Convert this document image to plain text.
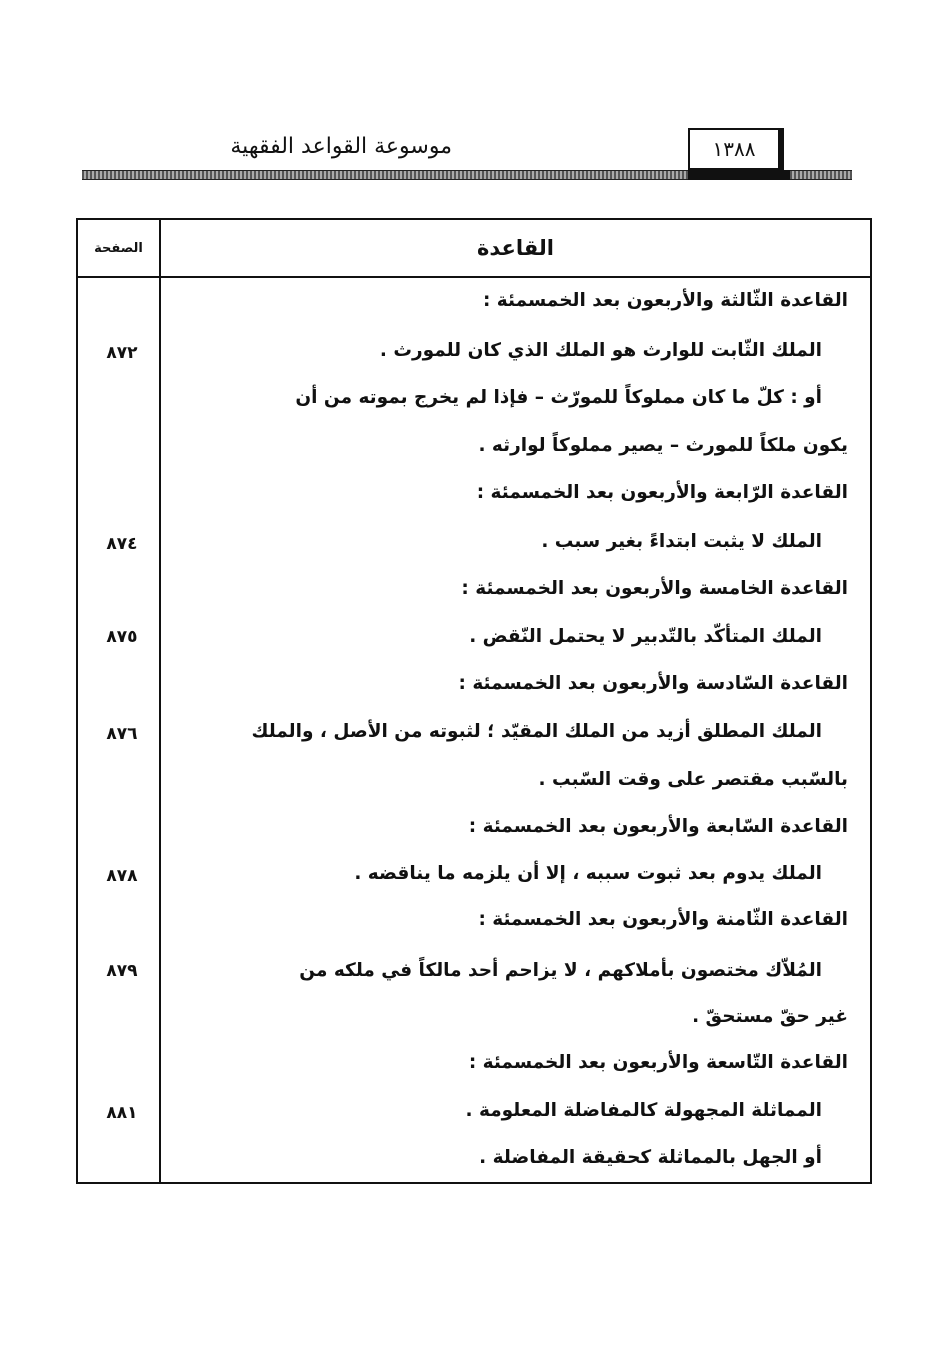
موسوعة القواعد الفقهية	١٣٨٨
القاعدة
الصفحة
القاعدة الثّالثة والأربعون بعد الخمسمئة :
الملك الثّابت للوارث هو الملك الذي كان للمورث .
٨٧٢
أو : كلّ ما كان مملوكاً للمورّث – فإذا لم يخرج بموته من أن
يكون ملكاً للمورث – يصير مملوكاً لوارثه .
القاعدة الرّابعة والأربعون بعد الخمسمئة :
الملك لا يثبت ابتداءً بغير سبب .
٨٧٤
القاعدة الخامسة والأربعون بعد الخمسمئة :
الملك المتأكّد بالتّدبير لا يحتمل النّقض .
٨٧٥
القاعدة السّادسة والأربعون بعد الخمسمئة :
الملك المطلق أزيد من الملك المقيّد ؛ لثبوته من الأصل ، والملك
٨٧٦
بالسّبب مقتصر على وقت السّبب .
القاعدة السّابعة والأربعون بعد الخمسمئة :
الملك يدوم بعد ثبوت سببه ، إلا أن يلزمه ما يناقضه .
٨٧٨
القاعدة الثّامنة والأربعون بعد الخمسمئة :
المُلاّك مختصون بأملاكهم ، لا يزاحم أحد مالكاً في ملكه من
٨٧٩
غير حقّ مستحقّ .
القاعدة التّاسعة والأربعون بعد الخمسمئة :
المماثلة المجهولة كالمفاضلة المعلومة .
٨٨١
أو الجهل بالمماثلة كحقيقة المفاضلة .
